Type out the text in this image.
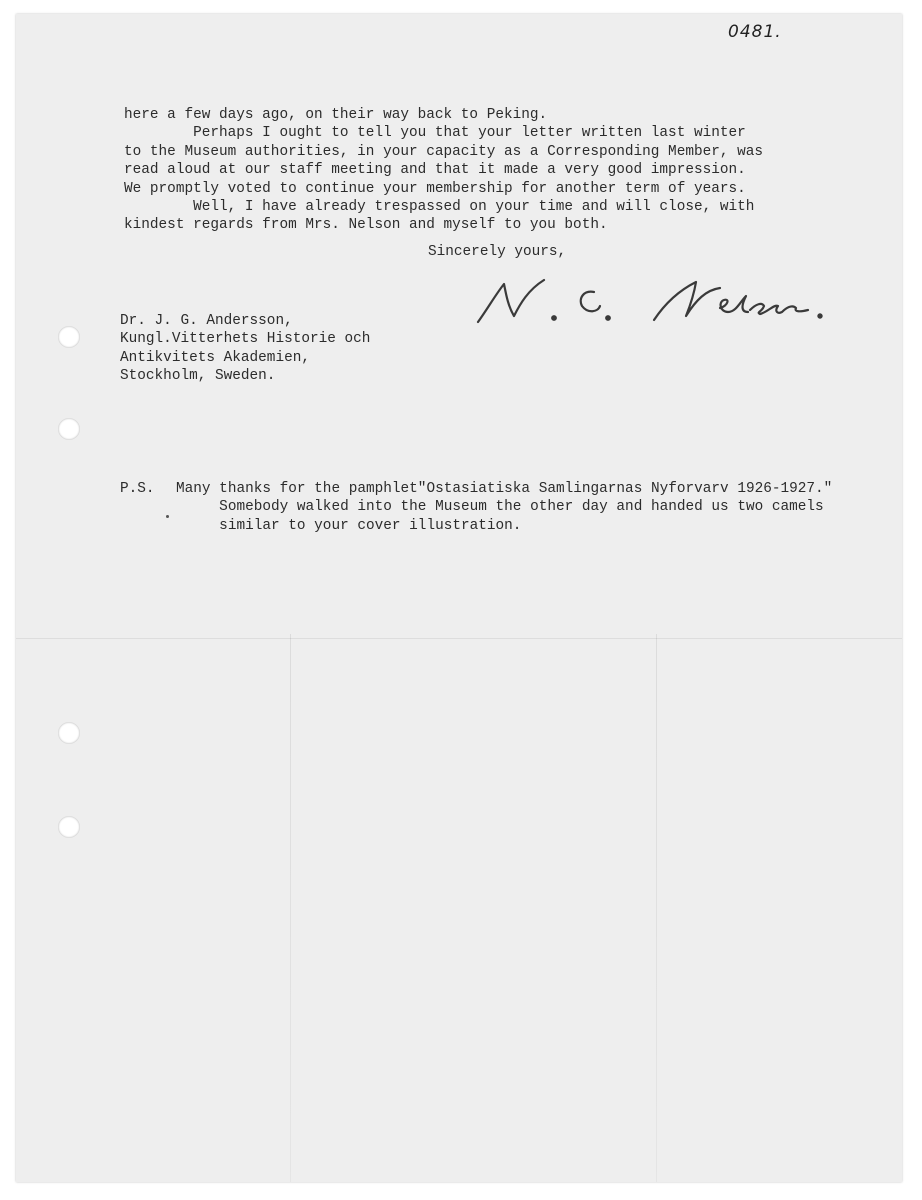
0481.

here a few days ago, on their way back to Peking.

Perhaps I ought to tell you that your letter written last winter

to the Museum authorities, in your capacity as a Corresponding Member, was

read aloud at our staff meeting and that it made a very good impression.

We promptly voted to continue your membership for another term of years.

Well, I have already trespassed on your time and will close, with

kindest regards from Mrs. Nelson and myself to you both.

Sincerely yours,

Dr. J. G. Andersson,

Kungl.Vitterhets Historie och

Antikvitets Akademien,

Stockholm, Sweden.

P.S. Many thanks for the pamphlet"Ostasiatiska Samlingarnas Nyforvarv 1926-1927."

Somebody walked into the Museum the other day and handed us two camels

similar to your cover illustration.
